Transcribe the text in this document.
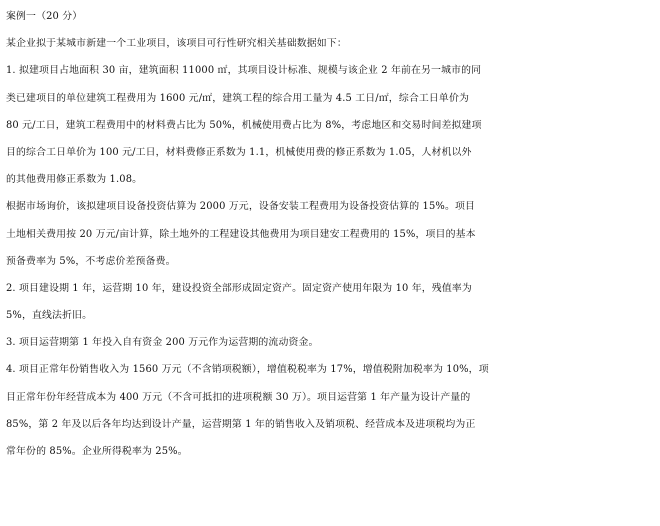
案例一（20 分）
某企业拟于某城市新建一个工业项目，该项目可行性研究相关基础数据如下：
1. 拟建项目占地面积 30 亩，建筑面积 11000 ㎡，其项目设计标准、规模与该企业 2 年前在另一城市的同
类已建项目的单位建筑工程费用为 1600 元/㎡，建筑工程的综合用工量为 4.5 工日/㎡，综合工日单价为
80 元/工日，建筑工程费用中的材料费占比为 50%，机械使用费占比为 8%，考虑地区和交易时间差拟建项
目的综合工日单价为 100 元/工日，材料费修正系数为 1.1，机械使用费的修正系数为 1.05，人材机以外
的其他费用修正系数为 1.08。
根据市场询价，该拟建项目设备投资估算为 2000 万元，设备安装工程费用为设备投资估算的 15%。项目
土地相关费用按 20 万元/亩计算，除土地外的工程建设其他费用为项目建安工程费用的 15%，项目的基本
预备费率为 5%，不考虑价差预备费。
2. 项目建设期 1 年，运营期 10 年，建设投资全部形成固定资产。固定资产使用年限为 10 年，残值率为
5%，直线法折旧。
3. 项目运营期第 1 年投入自有资金 200 万元作为运营期的流动资金。
4. 项目正常年份销售收入为 1560 万元（不含销项税额），增值税税率为 17%，增值税附加税率为 10%，项
目正常年份年经营成本为 400 万元（不含可抵扣的进项税额 30 万）。项目运营第 1 年产量为设计产量的
85%，第 2 年及以后各年均达到设计产量，运营期第 1 年的销售收入及销项税、经营成本及进项税均为正
常年份的 85%。企业所得税率为 25%。
